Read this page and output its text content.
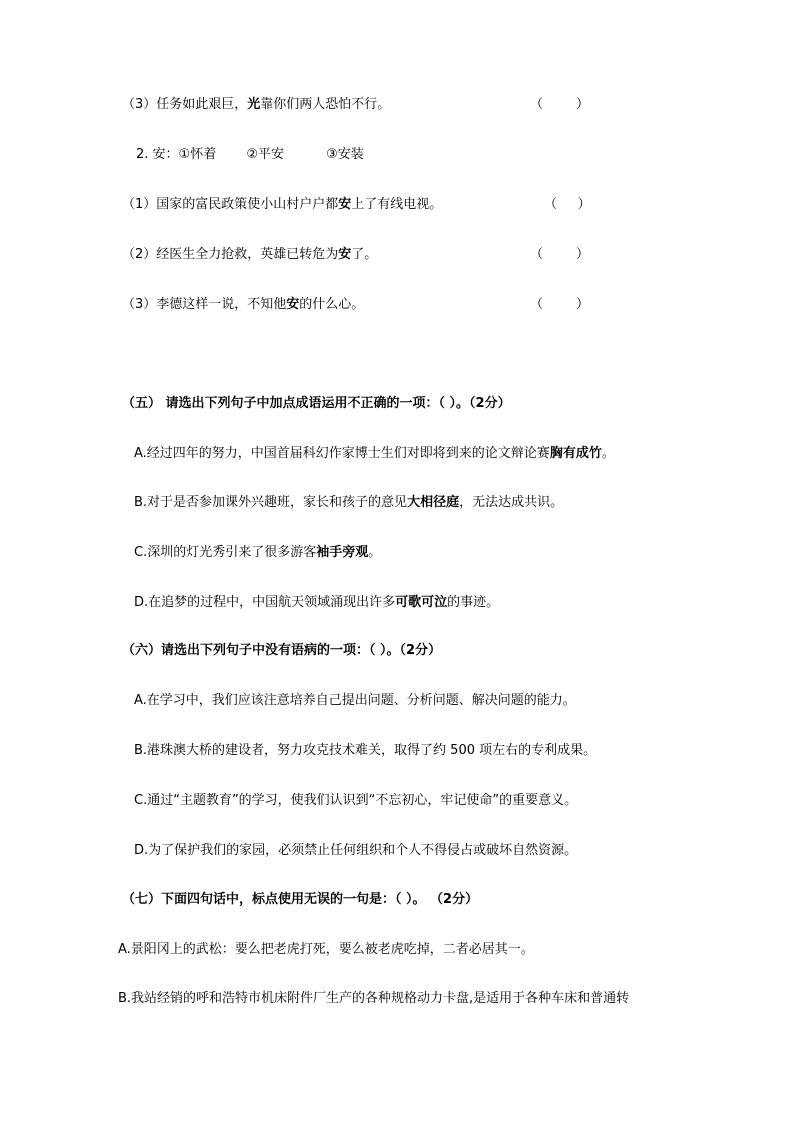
（3）任务如此艰巨，光靠你们两人恐怕不行。	（        ）
2. 安：①怀着 ②平安	③安装
（1）国家的富民政策使小山村户户都安上了有线电视。	（     ）
（2）经医生全力抢救，英雄已转危为安了。	（        ）
（3）李德这样一说，不知他安的什么心。	（        ）
（五） 请选出下列句子中加点成语运用不正确的一项：（ ）。（2分）
A.经过四年的努力，中国首届科幻作家博士生们对即将到来的论文辩论赛胸有成竹。
B.对于是否参加课外兴趣班，家长和孩子的意见大相径庭，无法达成共识。
C.深圳的灯光秀引来了很多游客袖手旁观。
D.在追梦的过程中，中国航天领域涌现出许多可歌可泣的事迹。
（六）请选出下列句子中没有语病的一项：（ ）。（2分）
A.在学习中，我们应该注意培养自己提出问题、分析问题、解决问题的能力。
B.港珠澳大桥的建设者，努力攻克技术难关，取得了约 500 项左右的专利成果。
C.通过“主题教育”的学习，使我们认识到“不忘初心，牢记使命”的重要意义。
D.为了保护我们的家园，必须禁止任何组织和个人不得侵占或破坏自然资源。
（七）下面四句话中，标点使用无误的一句是：（ ）。 （2分）
A.景阳冈上的武松：要么把老虎打死，要么被老虎吃掉，二者必居其一。
B.我站经销的呼和浩特市机床附件厂生产的各种规格动力卡盘,是适用于各种车床和普通转
